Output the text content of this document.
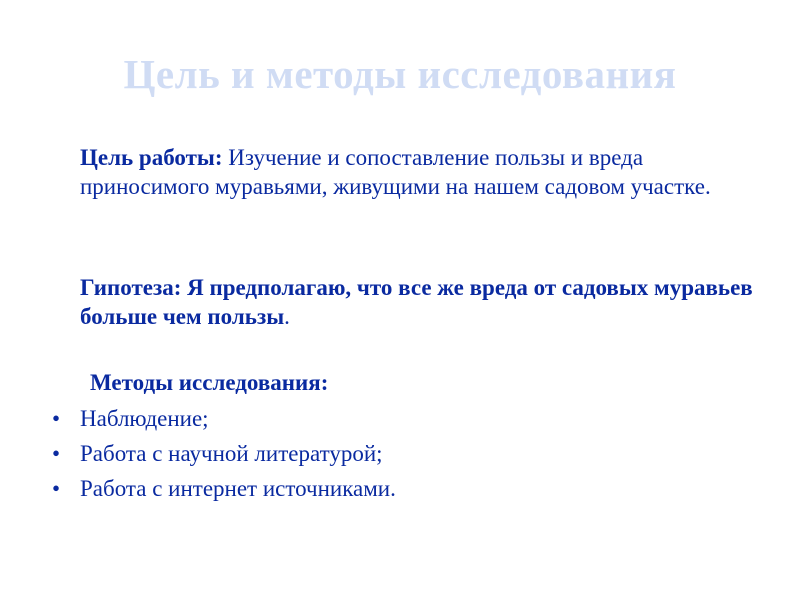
Цель и методы исследования
Цель работы: Изучение и сопоставление пользы и вреда приносимого муравьями, живущими на нашем садовом участке.
Гипотеза: Я предполагаю, что все же вреда от садовых муравьев больше чем пользы.
Методы исследования:
• Наблюдение;
• Работа с научной литературой;
• Работа с интернет источниками.
